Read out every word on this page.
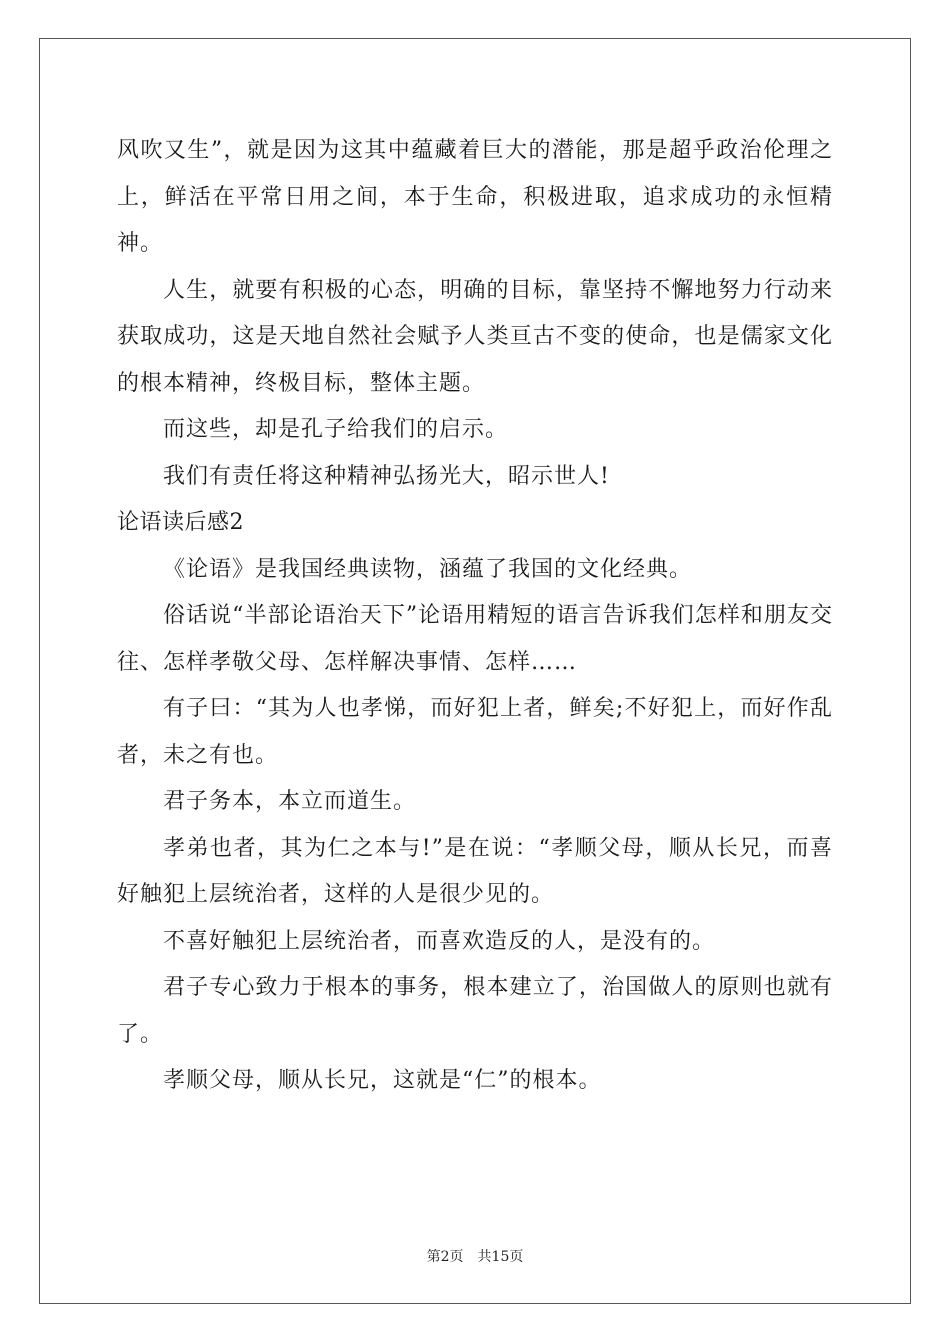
风吹又生”，就是因为这其中蕴藏着巨大的潜能，那是超乎政治伦理之上，鲜活在平常日用之间，本于生命，积极进取，追求成功的永恒精神。

人生，就要有积极的心态，明确的目标，靠坚持不懈地努力行动来获取成功，这是天地自然社会赋予人类亘古不变的使命，也是儒家文化的根本精神，终极目标，整体主题。

而这些，却是孔子给我们的启示。

我们有责任将这种精神弘扬光大，昭示世人!

论语读后感2

《论语》是我国经典读物，涵蕴了我国的文化经典。

俗话说“半部论语治天下”论语用精短的语言告诉我们怎样和朋友交往、怎样孝敬父母、怎样解决事情、怎样……

有子曰：“其为人也孝悌，而好犯上者，鲜矣;不好犯上，而好作乱者，未之有也。

君子务本，本立而道生。

孝弟也者，其为仁之本与!”是在说：“孝顺父母，顺从长兄，而喜好触犯上层统治者，这样的人是很少见的。

不喜好触犯上层统治者，而喜欢造反的人，是没有的。

君子专心致力于根本的事务，根本建立了，治国做人的原则也就有了。

孝顺父母，顺从长兄，这就是“仁”的根本。

第2页 共15页
